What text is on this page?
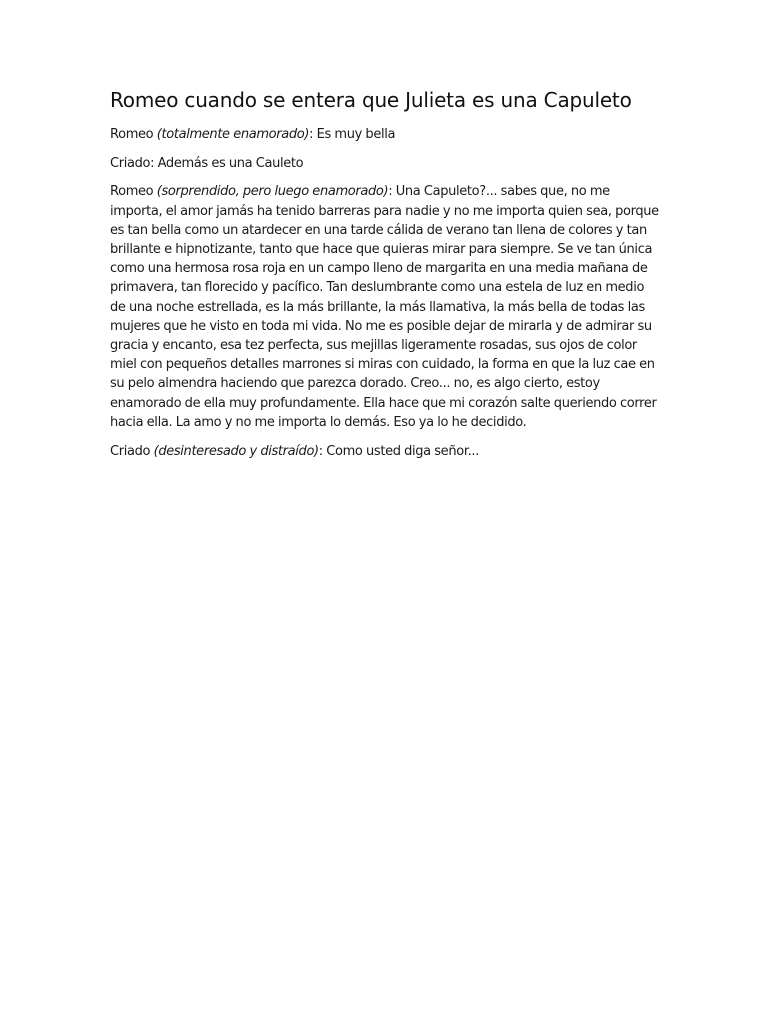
Romeo cuando se entera que Julieta es una Capuleto

Romeo (totalmente enamorado): Es muy bella

Criado: Además es una Cauleto

Romeo (sorprendido, pero luego enamorado): Una Capuleto?... sabes que, no me importa, el amor jamás ha tenido barreras para nadie y no me importa quien sea, porque es tan bella como un atardecer en una tarde cálida de verano tan llena de colores y tan brillante e hipnotizante, tanto que hace que quieras mirar para siempre. Se ve tan única como una hermosa rosa roja en un campo lleno de margarita en una media mañana de primavera, tan florecido y pacífico. Tan deslumbrante como una estela de luz en medio de una noche estrellada, es la más brillante, la más llamativa, la más bella de todas las mujeres que he visto en toda mi vida. No me es posible dejar de mirarla y de admirar su gracia y encanto, esa tez perfecta, sus mejillas ligeramente rosadas, sus ojos de color miel con pequeños detalles marrones si miras con cuidado, la forma en que la luz cae en su pelo almendra haciendo que parezca dorado. Creo... no, es algo cierto, estoy enamorado de ella muy profundamente. Ella hace que mi corazón salte queriendo correr hacia ella. La amo y no me importa lo demás. Eso ya lo he decidido.

Criado (desinteresado y distraído): Como usted diga señor...
